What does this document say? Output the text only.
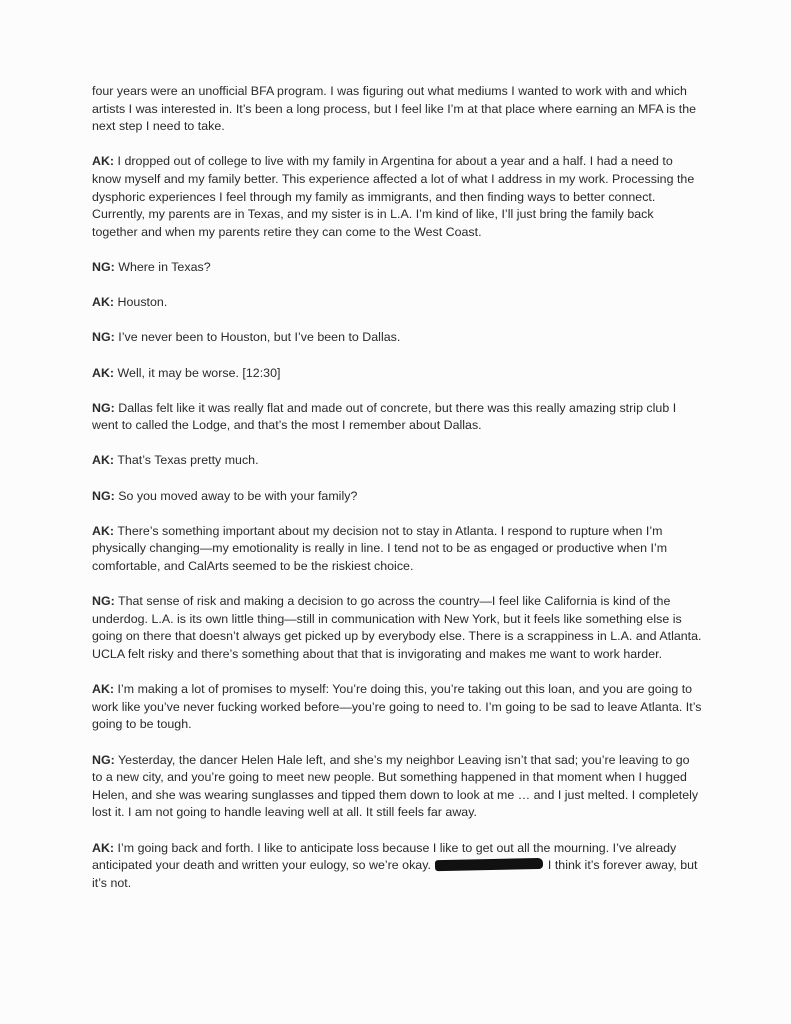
four years were an unofficial BFA program. I was figuring out what mediums I wanted to work with and which artists I was interested in. It’s been a long process, but I feel like I’m at that place where earning an MFA is the next step I need to take.

AK: I dropped out of college to live with my family in Argentina for about a year and a half. I had a need to know myself and my family better. This experience affected a lot of what I address in my work. Processing the dysphoric experiences I feel through my family as immigrants, and then finding ways to better connect. Currently, my parents are in Texas, and my sister is in L.A. I’m kind of like, I’ll just bring the family back together and when my parents retire they can come to the West Coast.

NG: Where in Texas?

AK: Houston.

NG: I’ve never been to Houston, but I’ve been to Dallas.

AK: Well, it may be worse. [12:30]

NG: Dallas felt like it was really flat and made out of concrete, but there was this really amazing strip club I went to called the Lodge, and that’s the most I remember about Dallas.

AK: That’s Texas pretty much.

NG: So you moved away to be with your family?

AK: There’s something important about my decision not to stay in Atlanta. I respond to rupture when I’m physically changing—my emotionality is really in line. I tend not to be as engaged or productive when I’m comfortable, and CalArts seemed to be the riskiest choice.

NG: That sense of risk and making a decision to go across the country—I feel like California is kind of the underdog. L.A. is its own little thing—still in communication with New York, but it feels like something else is going on there that doesn’t always get picked up by everybody else. There is a scrappiness in L.A. and Atlanta. UCLA felt risky and there’s something about that that is invigorating and makes me want to work harder.

AK: I’m making a lot of promises to myself: You’re doing this, you’re taking out this loan, and you are going to work like you’ve never fucking worked before—you’re going to need to. I’m going to be sad to leave Atlanta. It’s going to be tough.

NG: Yesterday, the dancer Helen Hale left, and she’s my neighbor Leaving isn’t that sad; you’re leaving to go to a new city, and you’re going to meet new people. But something happened in that moment when I hugged Helen, and she was wearing sunglasses and tipped them down to look at me … and I just melted. I completely lost it. I am not going to handle leaving well at all. It still feels far away.

AK: I’m going back and forth. I like to anticipate loss because I like to get out all the mourning. I’ve already anticipated your death and written your eulogy, so we’re okay.	I think it’s forever away, but it’s not.
